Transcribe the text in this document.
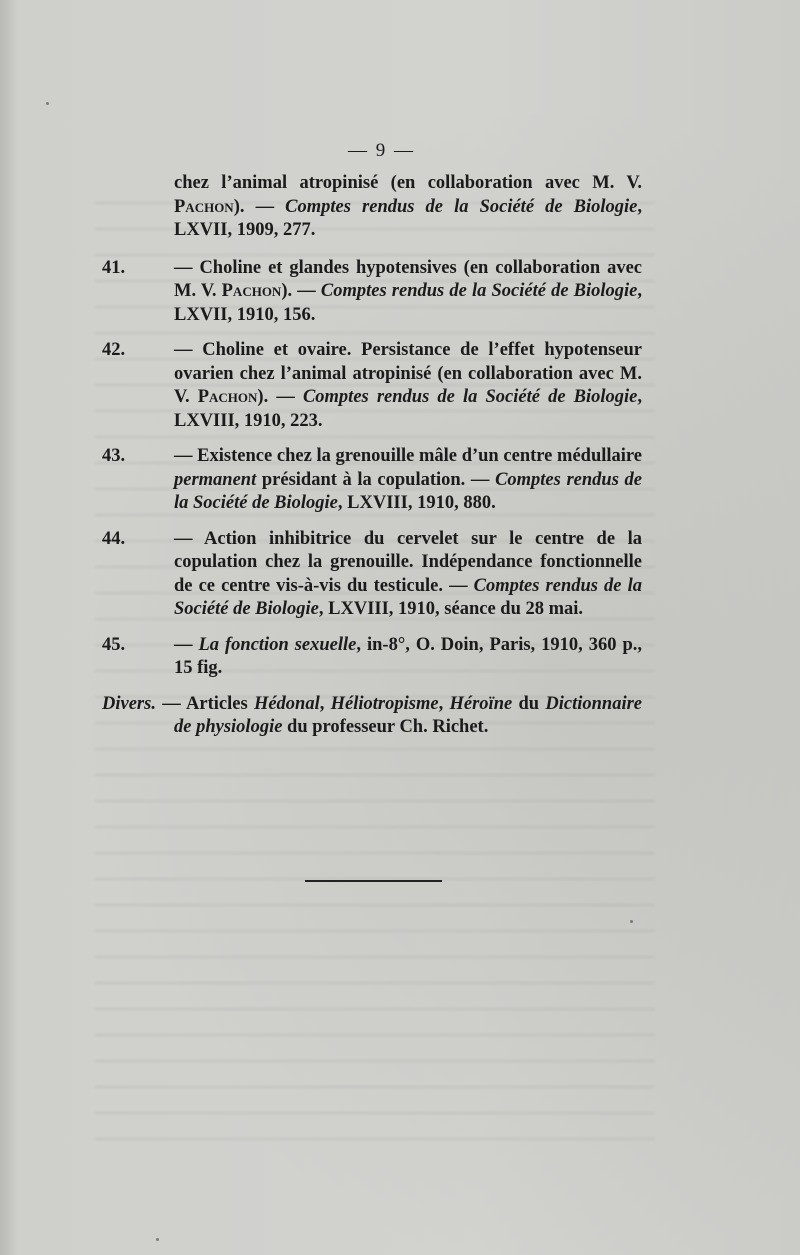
— 9 —
chez l’animal atropinisé (en collaboration avec M. V. Pachon). — Comptes rendus de la Société de Biologie, LXVII, 1909, 277.
41.	— Choline et glandes hypotensives (en collaboration avec M. V. Pachon). — Comptes rendus de la Société de Biologie, LXVII, 1910, 156.
42.	— Choline et ovaire. Persistance de l’effet hypotenseur ovarien chez l’animal atropinisé (en collaboration avec M. V. Pachon). — Comptes rendus de la Société de Biologie, LXVIII, 1910, 223.
43.	— Existence chez la grenouille mâle d’un centre médullaire permanent présidant à la copulation. — Comptes rendus de la Société de Biologie, LXVIII, 1910, 880.
44.	— Action inhibitrice du cervelet sur le centre de la copulation chez la grenouille. Indépendance fonctionnelle de ce centre vis-à-vis du testicule. — Comptes rendus de la Société de Biologie, LXVIII, 1910, séance du 28 mai.
45.	— La fonction sexuelle, in-8°, O. Doin, Paris, 1910, 360 p., 15 fig.
Divers. — Articles Hédonal, Héliotropisme, Héroïne du Dictionnaire de physiologie du professeur Ch. Richet.
